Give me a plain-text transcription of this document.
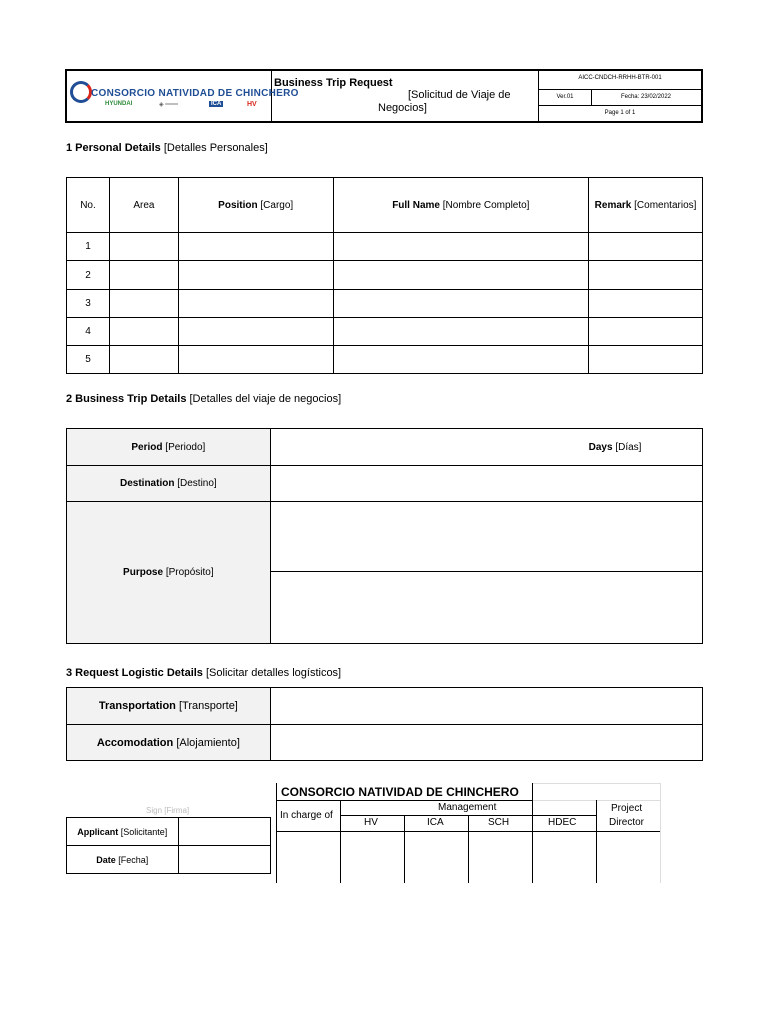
CONSORCIO NATIVIDAD DE CHINCHERO
HYUNDAI	◈ ═══	ICA	HV
Business Trip Request
[Solicitud de Viaje de
Negocios]
AICC-CNDCH-RRHH-BTR-001
Ver.01	Fecha: 23/02/2022
Page 1 of 1
1 Personal Details [Detalles Personales]
No.	Area	Position [Cargo]	Full Name [Nombre Completo]	Remark [Comentarios]
1				
2				
3				
4				
5				
2 Business Trip Details [Detalles del viaje de negocios]
Period [Periodo]		Days [Días]
Destination [Destino]		
Purpose [Propósito]		

3 Request Logistic Details [Solicitar detalles logísticos]
Transportation [Transporte]	
Accomodation [Alojamiento]	
Sign [Firma]
Applicant [Solicitante]	
Date [Fecha]	
CONSORCIO NATIVIDAD DE CHINCHERO
In charge of
Management
HV	ICA	SCH	HDEC
Project
Director
